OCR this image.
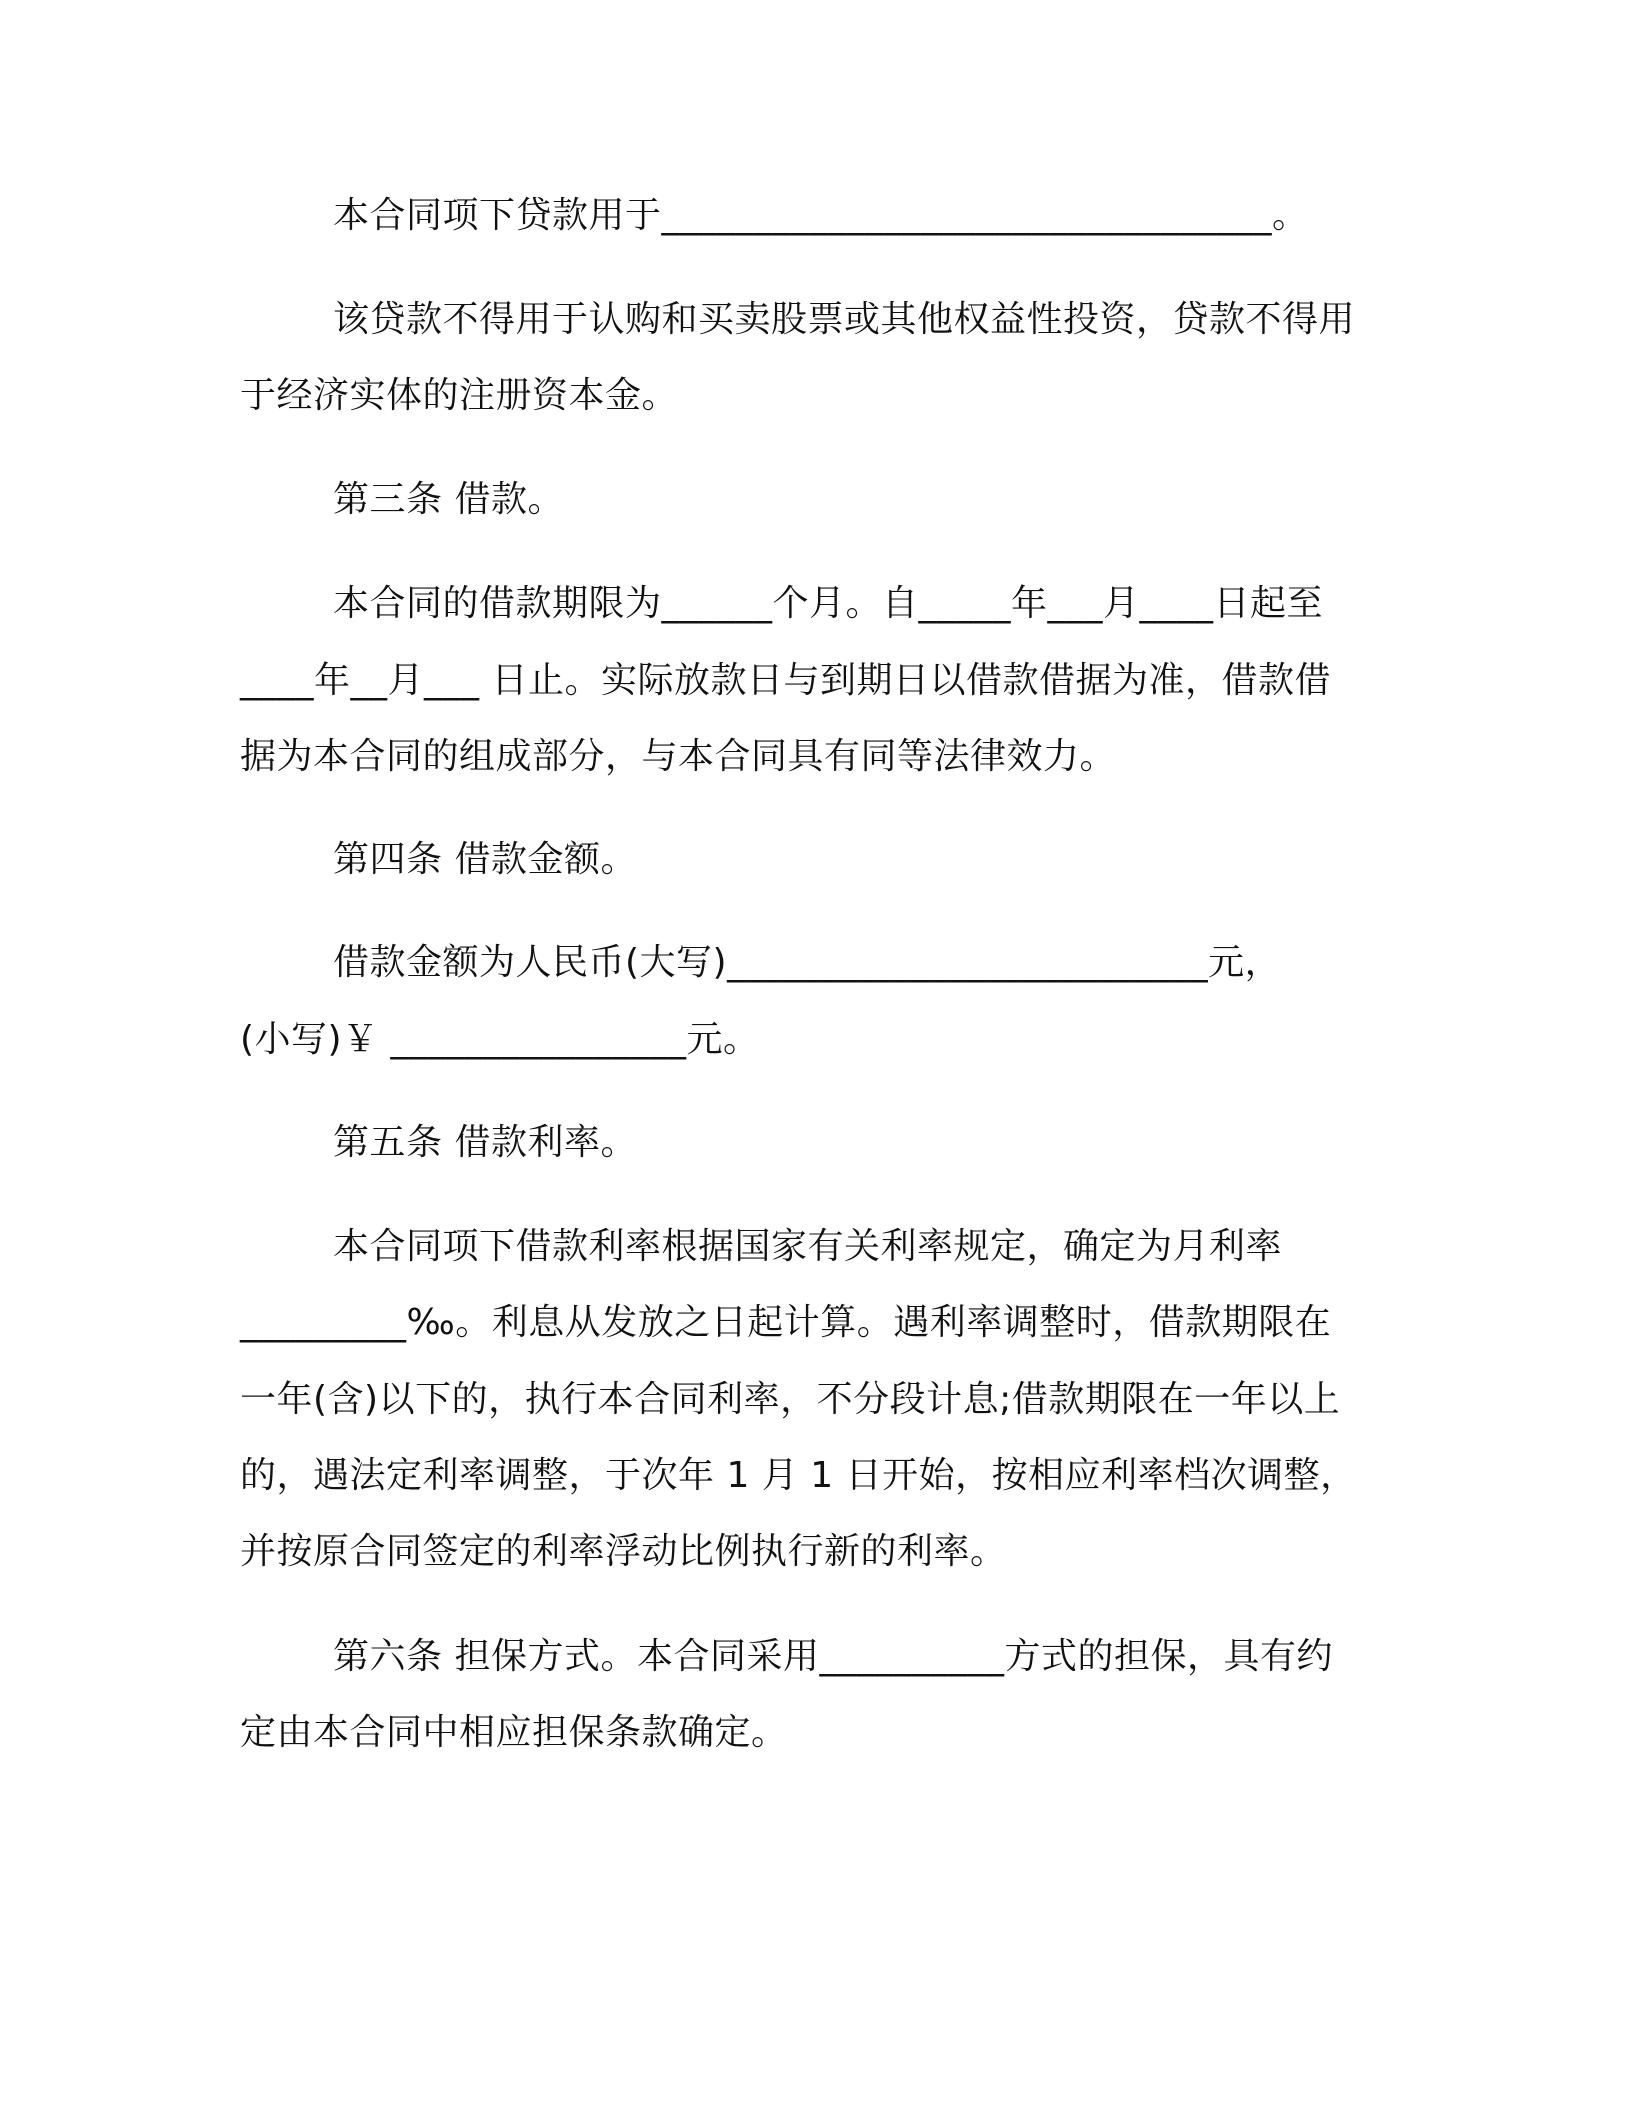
本合同项下贷款用于_________________________________。
该贷款不得用于认购和买卖股票或其他权益性投资，贷款不得用
于经济实体的注册资本金。
第三条 借款。
本合同的借款期限为______个月。自_____年___月____日起至
____年__月___ 日止。实际放款日与到期日以借款借据为准，借款借
据为本合同的组成部分，与本合同具有同等法律效力。
第四条 借款金额。
借款金额为人民币(大写)__________________________元，
(小写)￥ ________________元。
第五条 借款利率。
本合同项下借款利率根据国家有关利率规定，确定为月利率
_________‰。利息从发放之日起计算。遇利率调整时，借款期限在
一年(含)以下的，执行本合同利率，不分段计息;借款期限在一年以上
的，遇法定利率调整，于次年 1 月 1 日开始，按相应利率档次调整，
并按原合同签定的利率浮动比例执行新的利率。
第六条 担保方式。本合同采用__________方式的担保，具有约
定由本合同中相应担保条款确定。
